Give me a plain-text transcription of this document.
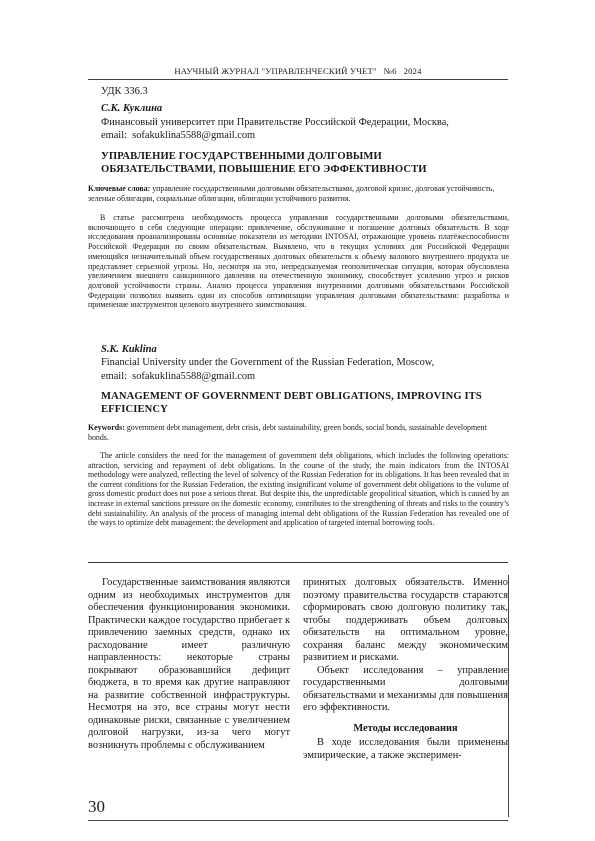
НАУЧНЫЙ ЖУРНАЛ "УПРАВЛЕНЧЕСКИЙ УЧЕТ"   №6   2024
УДК 336.3
С.К. Куклина
Финансовый университет при Правительстве Российской Федерации, Москва,
email:  sofakuklina5588@gmail.com
УПРАВЛЕНИЕ ГОСУДАРСТВЕННЫМИ ДОЛГОВЫМИ
ОБЯЗАТЕЛЬСТВАМИ, ПОВЫШЕНИЕ ЕГО ЭФФЕКТИВНОСТИ
Ключевые слова: управление государственными долговыми обязательствами, долговой кризис, долговая устойчивость, зеленые облигации, социальные облигации, облигации устойчивого развития.
В статье рассмотрена необходимость процесса управления государственными долговыми обязательствами, включающего в себя следующие операции: привлечение, обслуживание и погашение долговых обязательств. В ходе исследования проанализированы основные показатели из методики INTOSAI, отражающие уровень платёжеспособности Российской Федерации по своим обязательствам. Выявлено, что в текущих условиях для Российской Федерации имеющийся незначительный объем государственных долговых обязательств к объему валового внутреннего продукта не представляет серьезной угрозы. Но, несмотря на это, непредсказуемая геополитическая ситуация, которая обусловлена увеличением внешнего санкционного давления на отечественную экономику, способствует усилению угроз и рисков долговой устойчивости страны. Анализ процесса управления внутренними долговыми обязательствами Российской Федерации позволил выявить один из способов оптимизации управления долговыми обязательствами: разработка и применение инструментов целевого внутреннего заимствования.
S.K. Kuklina
Financial University under the Government of the Russian Federation, Moscow,
email:  sofakuklina5588@gmail.com
MANAGEMENT OF GOVERNMENT DEBT OBLIGATIONS, IMPROVING ITS
EFFICIENCY
Keywords: government debt management, debt crisis, debt sustainability, green bonds, social bonds, sustainable development bonds.
The article considers the need for the management of government debt obligations, which includes the following operations: attraction, servicing and repayment of debt obligations. In the course of the study, the main indicators from the INTOSAI methodology were analyzed, reflecting the level of solvency of the Russian Federation for its obligations. It has been revealed that in the current conditions for the Russian Federation, the existing insignificant volume of government debt obligations to the volume of gross domestic product does not pose a serious threat. But despite this, the unpredictable geopolitical situation, which is caused by an increase in external sanctions pressure on the domestic economy, contributes to the strengthening of threats and risks to the country’s debt sustainability. An analysis of the process of managing internal debt obligations of the Russian Federation has revealed one of the ways to optimize debt management: the development and application of targeted internal borrowing tools.

Государственные заимствования являются одним из необходимых инструментов для обеспечения функционирования экономики. Практически каждое государство прибегает к привлечению заемных средств, однако их расходование имеет различную направленность: некоторые страны покрывают образовавшийся дефицит бюджета, в то время как другие направляют на развитие собственной инфраструктуры. Несмотря на это, все страны могут нести одинаковые риски, связанные с увеличением долговой нагрузки, из-за чего могут возникнуть проблемы с обслуживанием

принятых долговых обязательств. Именно поэтому правительства государств стараются сформировать свою долговую политику так, чтобы поддерживать объем долговых обязательств на оптимальном уровне, сохраняя баланс между экономическим развитием и рисками.

Объект исследования – управление государственными долговыми обязательствами и механизмы для повышения его эффективности.

Методы исследования

В ходе исследования были применены эмпирические, а также эксперимен-

30
